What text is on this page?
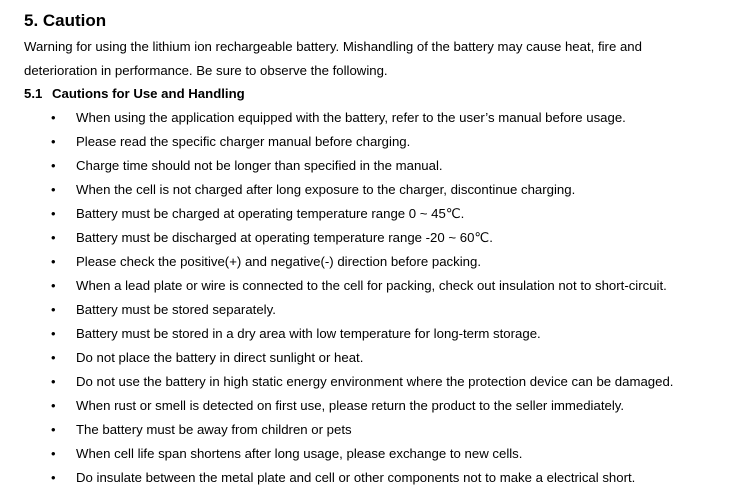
5. Caution
Warning for using the lithium ion rechargeable battery. Mishandling of the battery may cause heat, fire and
deterioration in performance. Be sure to observe the following.
5.1 Cautions for Use and Handling
• When using the application equipped with the battery, refer to the user’s manual before usage.
• Please read the specific charger manual before charging.
• Charge time should not be longer than specified in the manual.
• When the cell is not charged after long exposure to the charger, discontinue charging.
• Battery must be charged at operating temperature range 0 ~ 45℃.
• Battery must be discharged at operating temperature range -20 ~ 60℃.
• Please check the positive(+) and negative(-) direction before packing.
• When a lead plate or wire is connected to the cell for packing, check out insulation not to short-circuit.
• Battery must be stored separately.
• Battery must be stored in a dry area with low temperature for long-term storage.
• Do not place the battery in direct sunlight or heat.
• Do not use the battery in high static energy environment where the protection device can be damaged.
• When rust or smell is detected on first use, please return the product to the seller immediately.
• The battery must be away from children or pets
• When cell life span shortens after long usage, please exchange to new cells.
• Do insulate between the metal plate and cell or other components not to make a electrical short.
